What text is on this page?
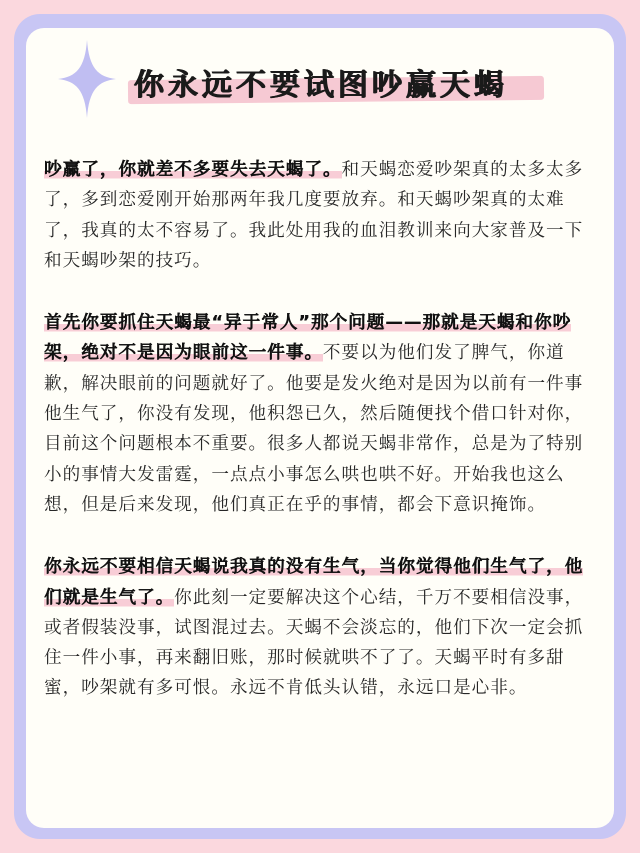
你永远不要试图吵赢天蝎

吵赢了，你就差不多要失去天蝎了。和天蝎恋爱吵架真的太多太多了，多到恋爱刚开始那两年我几度要放弃。和天蝎吵架真的太难了，我真的太不容易了。我此处用我的血泪教训来向大家普及一下和天蝎吵架的技巧。

首先你要抓住天蝎最“异于常人”那个问题——那就是天蝎和你吵架，绝对不是因为眼前这一件事。不要以为他们发了脾气，你道歉，解决眼前的问题就好了。他要是发火绝对是因为以前有一件事他生气了，你没有发现，他积怨已久，然后随便找个借口针对你，目前这个问题根本不重要。很多人都说天蝎非常作，总是为了特别小的事情大发雷霆，一点点小事怎么哄也哄不好。开始我也这么想，但是后来发现，他们真正在乎的事情，都会下意识掩饰。

你永远不要相信天蝎说我真的没有生气，当你觉得他们生气了，他们就是生气了。你此刻一定要解决这个心结，千万不要相信没事，或者假装没事，试图混过去。天蝎不会淡忘的，他们下次一定会抓住一件小事，再来翻旧账，那时候就哄不了了。天蝎平时有多甜蜜，吵架就有多可恨。永远不肯低头认错，永远口是心非。
